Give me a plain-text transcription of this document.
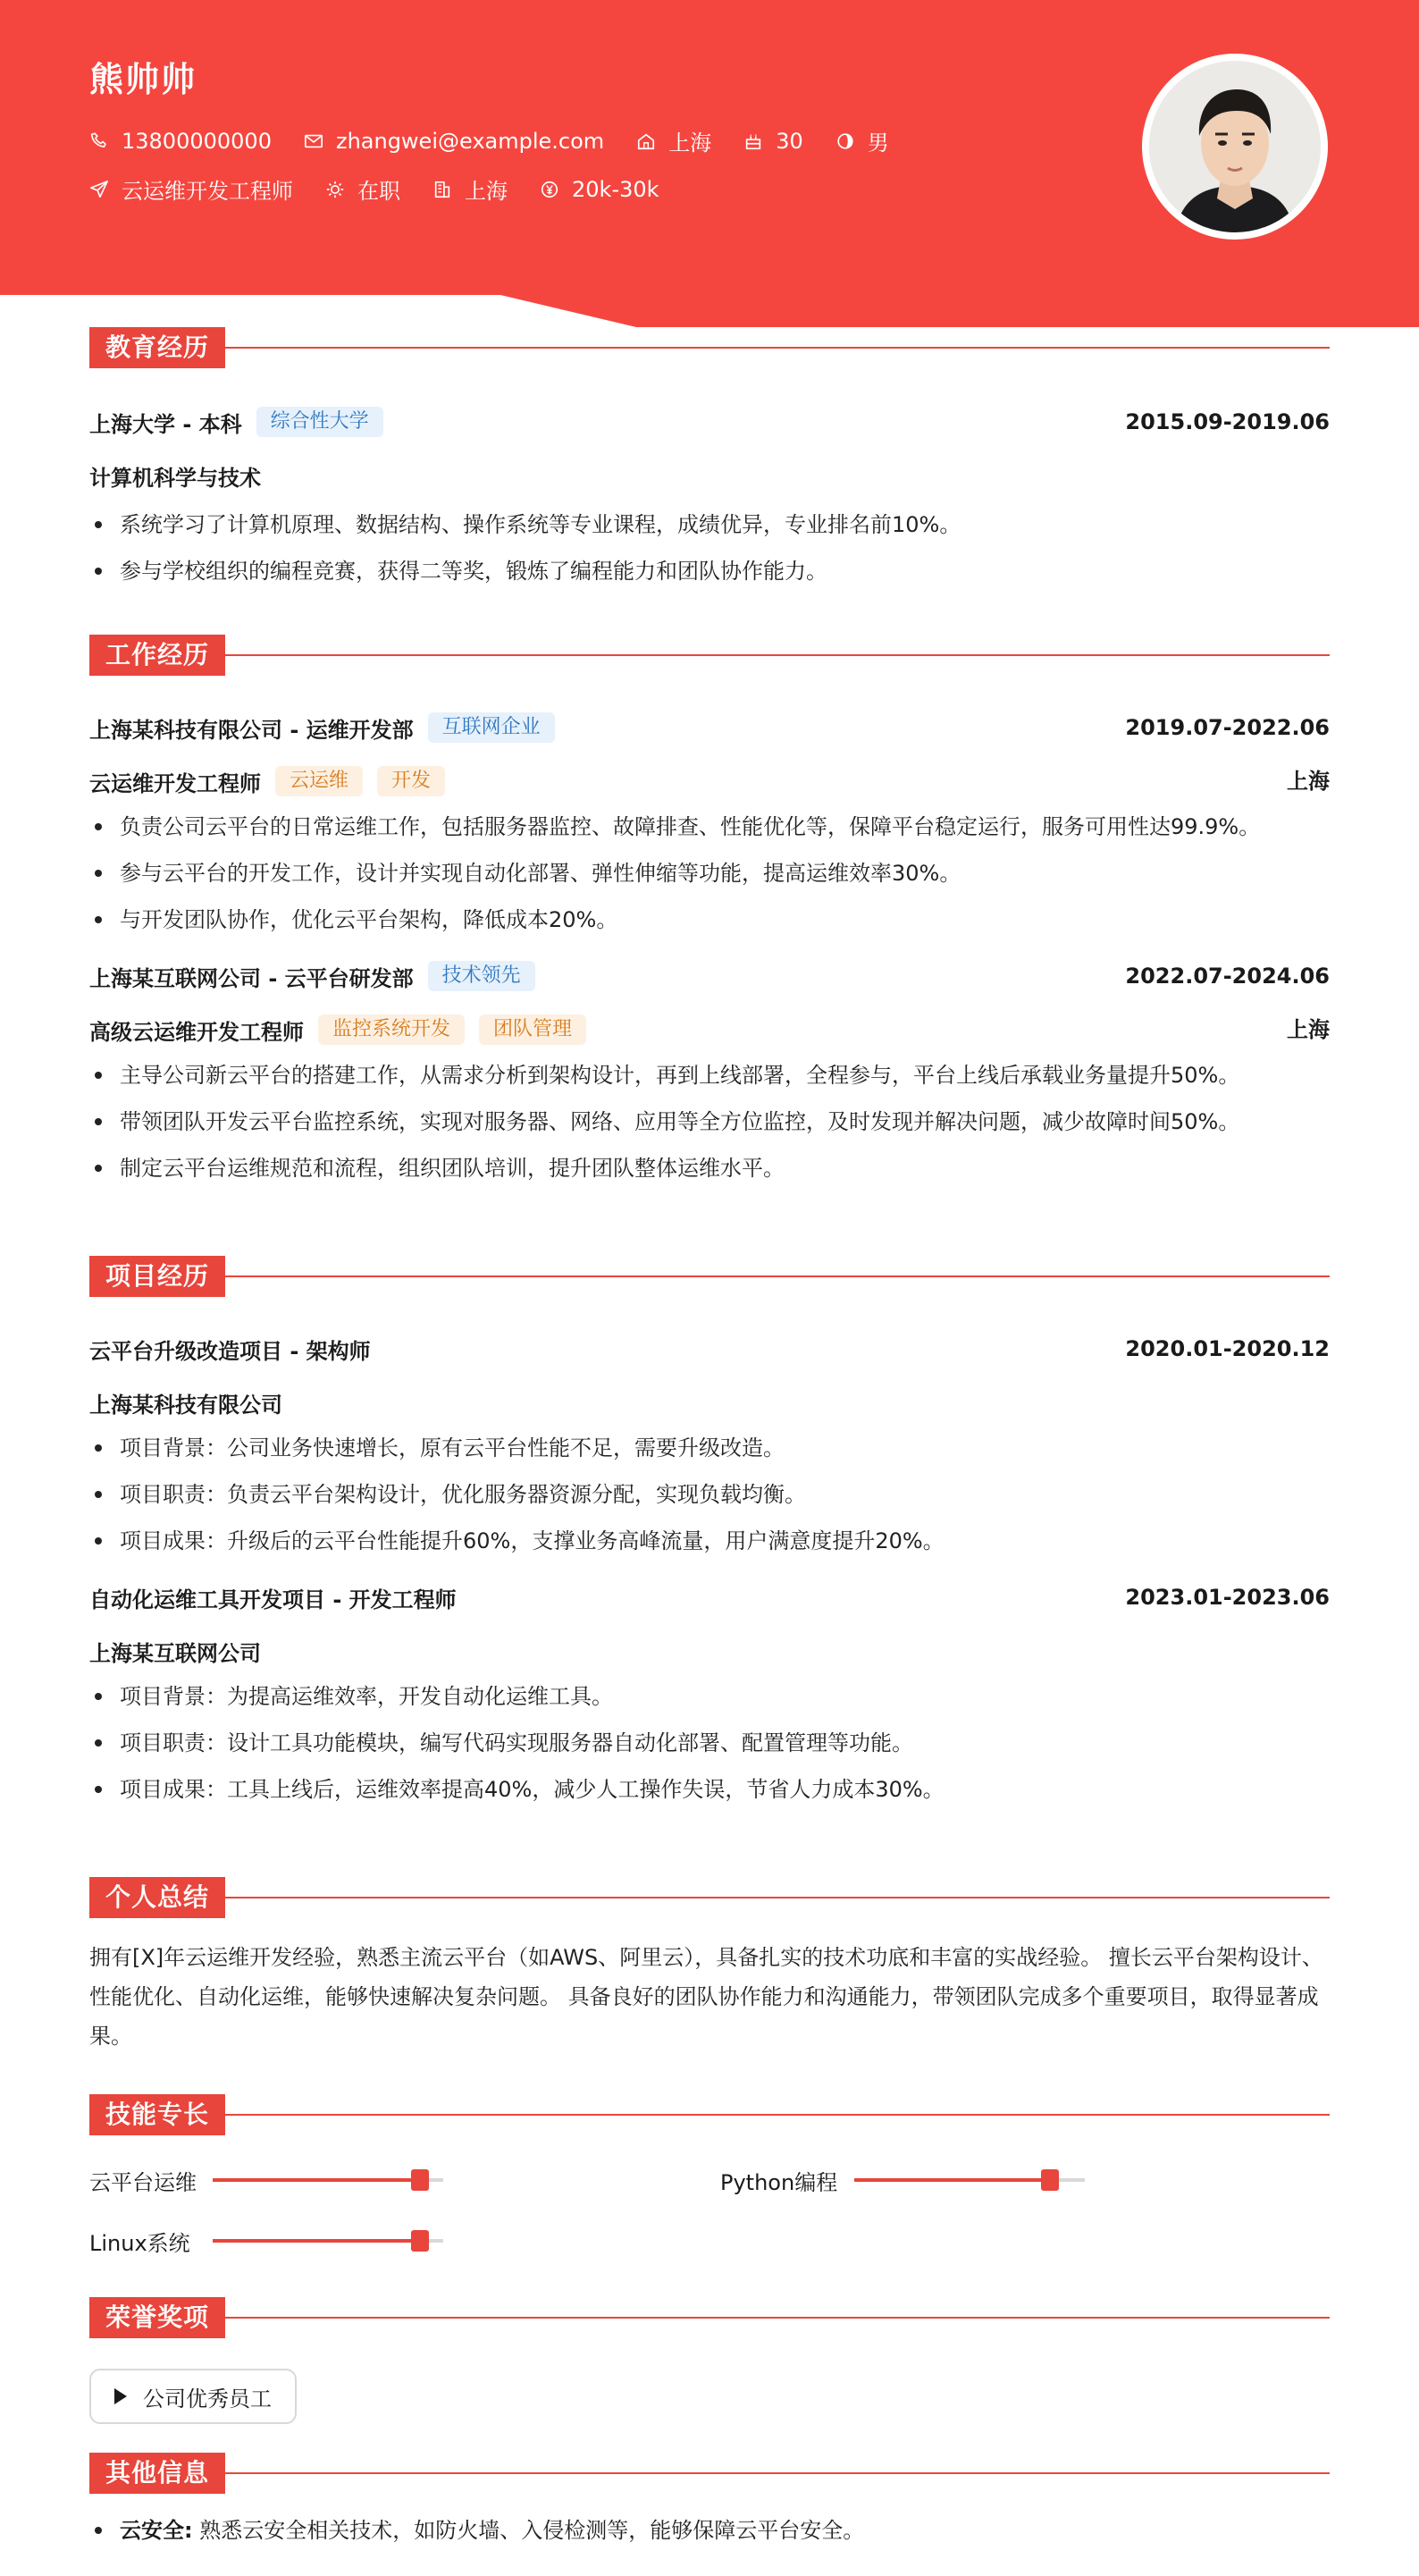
熊帅帅
13800000000	zhangwei@example.com	上海	30	男
云运维开发工程师	在职	上海	20k-30k
教育经历
上海大学 - 本科	综合性大学	2015.09-2019.06
计算机科学与技术
系统学习了计算机原理、数据结构、操作系统等专业课程，成绩优异，专业排名前10%。
参与学校组织的编程竞赛，获得二等奖，锻炼了编程能力和团队协作能力。
工作经历
上海某科技有限公司 - 运维开发部	互联网企业	2019.07-2022.06
云运维开发工程师	云运维	开发	上海
负责公司云平台的日常运维工作，包括服务器监控、故障排查、性能优化等，保障平台稳定运行，服务可用性达99.9%。
参与云平台的开发工作，设计并实现自动化部署、弹性伸缩等功能，提高运维效率30%。
与开发团队协作，优化云平台架构，降低成本20%。
上海某互联网公司 - 云平台研发部	技术领先	2022.07-2024.06
高级云运维开发工程师	监控系统开发	团队管理	上海
主导公司新云平台的搭建工作，从需求分析到架构设计，再到上线部署，全程参与，平台上线后承载业务量提升50%。
带领团队开发云平台监控系统，实现对服务器、网络、应用等全方位监控，及时发现并解决问题，减少故障时间50%。
制定云平台运维规范和流程，组织团队培训，提升团队整体运维水平。
项目经历
云平台升级改造项目 - 架构师	2020.01-2020.12
上海某科技有限公司
项目背景：公司业务快速增长，原有云平台性能不足，需要升级改造。
项目职责：负责云平台架构设计，优化服务器资源分配，实现负载均衡。
项目成果：升级后的云平台性能提升60%，支撑业务高峰流量，用户满意度提升20%。
自动化运维工具开发项目 - 开发工程师	2023.01-2023.06
上海某互联网公司
项目背景：为提高运维效率，开发自动化运维工具。
项目职责：设计工具功能模块，编写代码实现服务器自动化部署、配置管理等功能。
项目成果：工具上线后，运维效率提高40%，减少人工操作失误，节省人力成本30%。
个人总结
拥有[X]年云运维开发经验，熟悉主流云平台（如AWS、阿里云），具备扎实的技术功底和丰富的实战经验。 擅长云平台架构设计、性能优化、自动化运维，能够快速解决复杂问题。 具备良好的团队协作能力和沟通能力，带领团队完成多个重要项目，取得显著成果。
技能专长
云平台运维	Python编程
Linux系统
荣誉奖项
公司优秀员工
其他信息
云安全: 熟悉云安全相关技术，如防火墙、入侵检测等，能够保障云平台安全。
